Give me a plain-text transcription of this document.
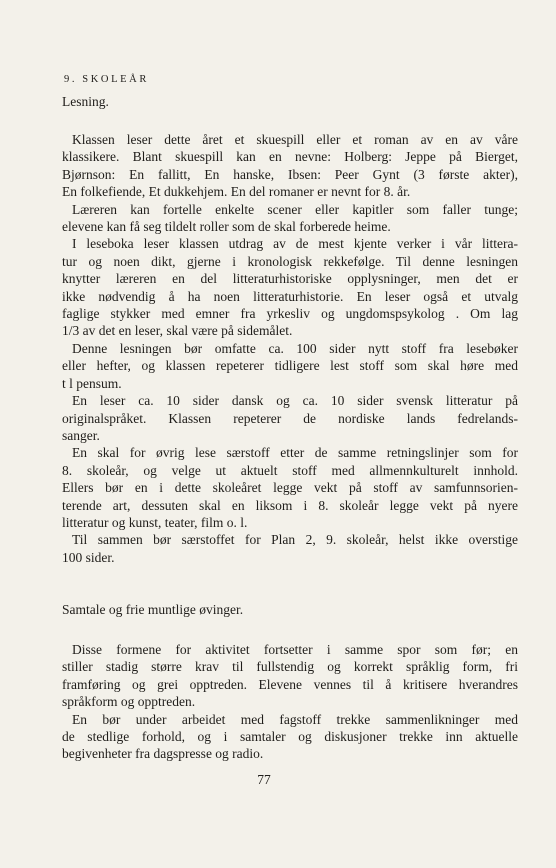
9. SKOLEÅR
Lesning.
Klassen leser dette året et skuespill eller et roman av en av våre
klassikere. Blant skuespill kan en nevne: Holberg: Jeppe på Bierget,
Bjørnson: En fallitt, En hanske, Ibsen: Peer Gynt (3 første akter),
En folkefiende, Et dukkehjem. En del romaner er nevnt for 8. år.
Læreren kan fortelle enkelte scener eller kapitler som faller tunge;
elevene kan få seg tildelt roller som de skal forberede heime.
I leseboka leser klassen utdrag av de mest kjente verker i vår littera-
tur og noen dikt, gjerne i kronologisk rekkefølge. Til denne lesningen
knytter læreren en del litteraturhistoriske opplysninger, men det er
ikke nødvendig å ha noen litteraturhistorie. En leser også et utvalg
faglige stykker med emner fra yrkesliv og ungdomspsykolog . Om lag
1/3 av det en leser, skal være på sidemålet.
Denne lesningen bør omfatte ca. 100 sider nytt stoff fra lesebøker
eller hefter, og klassen repeterer tidligere lest stoff som skal høre med
t l pensum.
En leser ca. 10 sider dansk og ca. 10 sider svensk litteratur på
originalspråket. Klassen repeterer de nordiske lands fedrelands-
sanger.
En skal for øvrig lese særstoff etter de samme retningslinjer som for
8. skoleår, og velge ut aktuelt stoff med allmennkulturelt innhold.
Ellers bør en i dette skoleåret legge vekt på stoff av samfunnsorien-
terende art, dessuten skal en liksom i 8. skoleår legge vekt på nyere
litteratur og kunst, teater, film o. l.
Til sammen bør særstoffet for Plan 2, 9. skoleår, helst ikke overstige
100 sider.
Samtale og frie muntlige øvinger.
Disse formene for aktivitet fortsetter i samme spor som før; en
stiller stadig større krav til fullstendig og korrekt språklig form, fri
framføring og grei opptreden. Elevene vennes til å kritisere hverandres
språkform og opptreden.
En bør under arbeidet med fagstoff trekke sammenlikninger med
de stedlige forhold, og i samtaler og diskusjoner trekke inn aktuelle
begivenheter fra dagspresse og radio.
77
